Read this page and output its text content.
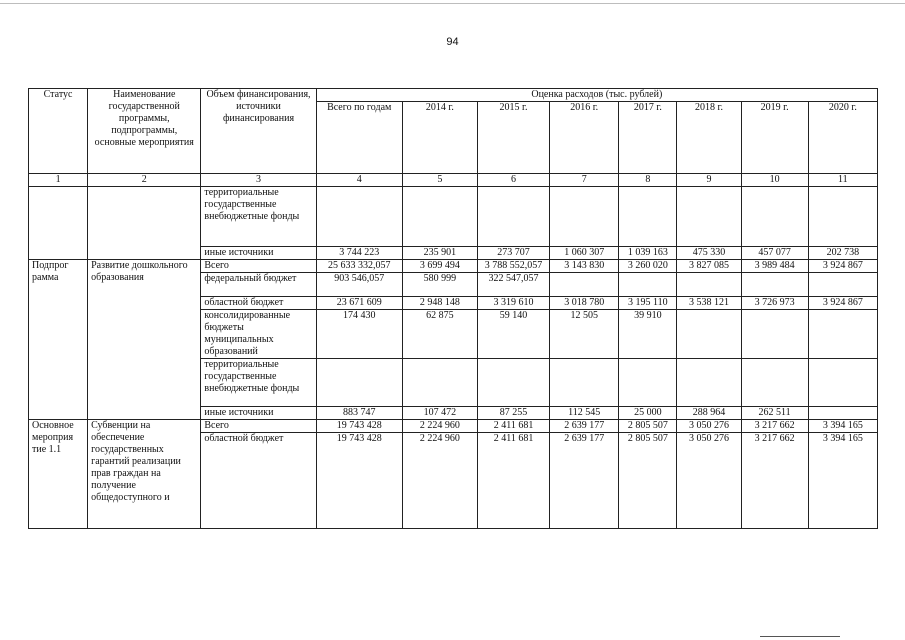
94
Статус	Наименование государственной программы, подпрограммы, основные мероприятия	Объем финансирования, источники финансирования	Оценка расходов (тыс. рублей)							
			Всего по годам	2014 г.	2015 г.	2016 г.	2017 г.	2018 г.	2019 г.	2020 г.
1	2	3	4	5	6	7	8	9	10	11
		территориальные государственные внебюджетные фонды								
		иные источники	3 744 223	235 901	273 707	1 060 307	1 039 163	475 330	457 077	202 738
Подпрог рамма	Развитие дошкольного образования	Всего	25 633 332,057	3 699 494	3 788 552,057	3 143 830	3 260 020	3 827 085	3 989 484	3 924 867
		федеральный бюджет	903 546,057	580 999	322 547,057					
		областной бюджет	23 671 609	2 948 148	3 319 610	3 018 780	3 195 110	3 538 121	3 726 973	3 924 867
		консолидированные бюджеты муниципальных образований	174 430	62 875	59 140	12 505	39 910			
		территориальные государственные внебюджетные фонды								
		иные источники	883 747	107 472	87 255	112 545	25 000	288 964	262 511	
Основное мероприя тие 1.1	Субвенции на обеспечение государственных гарантий реализации прав граждан на получение общедоступного и	Всего	19 743 428	2 224 960	2 411 681	2 639 177	2 805 507	3 050 276	3 217 662	3 394 165
		областной бюджет	19 743 428	2 224 960	2 411 681	2 639 177	2 805 507	3 050 276	3 217 662	3 394 165
